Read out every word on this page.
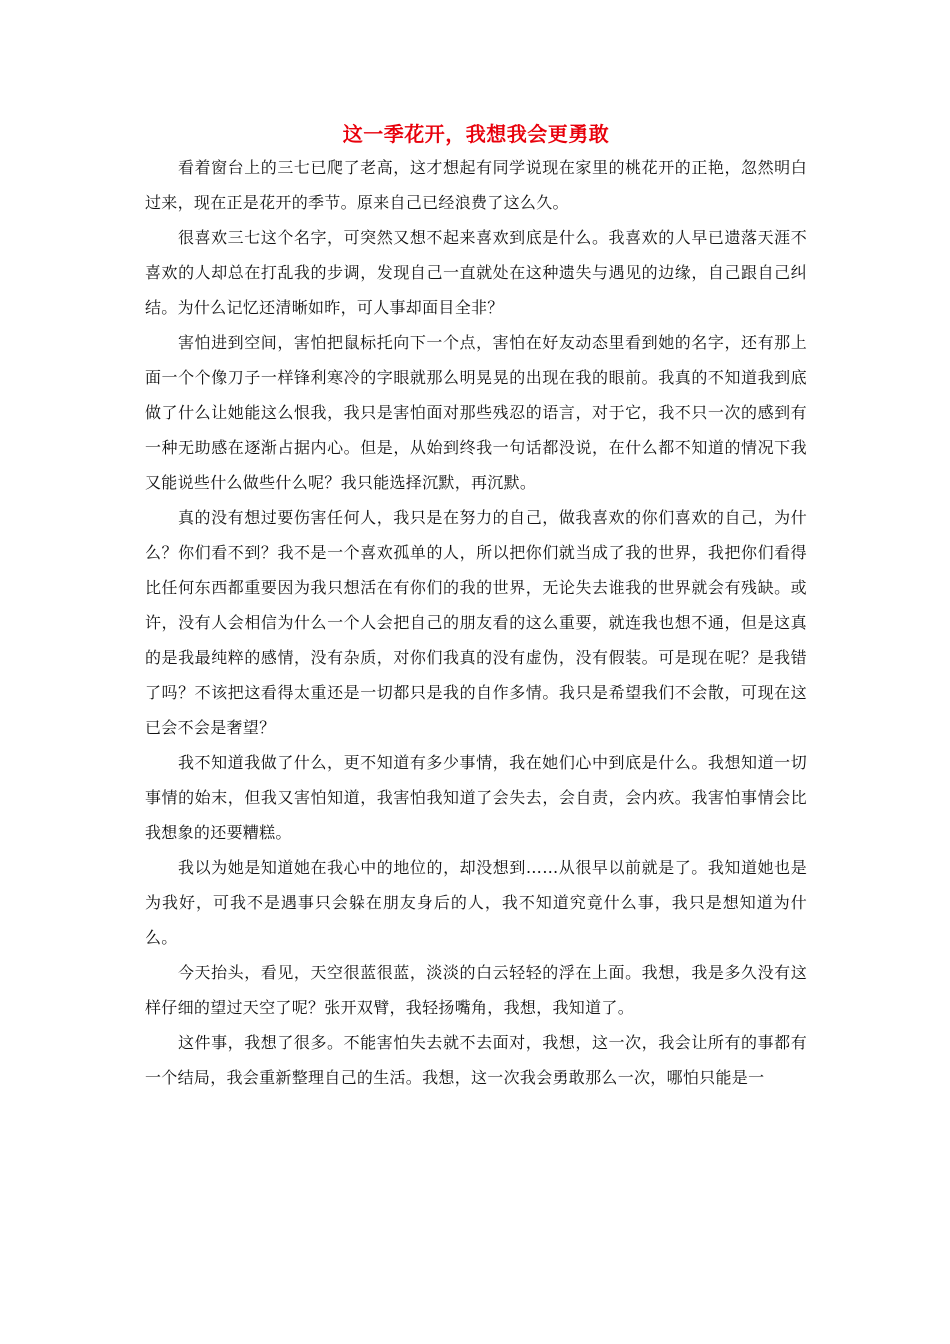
这一季花开，我想我会更勇敢

看着窗台上的三七已爬了老高，这才想起有同学说现在家里的桃花开的正艳，忽然明白过来，现在正是花开的季节。原来自己已经浪费了这么久。

很喜欢三七这个名字，可突然又想不起来喜欢到底是什么。我喜欢的人早已遗落天涯不喜欢的人却总在打乱我的步调，发现自己一直就处在这种遗失与遇见的边缘，自己跟自己纠结。为什么记忆还清晰如昨，可人事却面目全非？

害怕进到空间，害怕把鼠标托向下一个点，害怕在好友动态里看到她的名字，还有那上面一个个像刀子一样锋利寒冷的字眼就那么明晃晃的出现在我的眼前。我真的不知道我到底做了什么让她能这么恨我，我只是害怕面对那些残忍的语言，对于它，我不只一次的感到有一种无助感在逐渐占据内心。但是，从始到终我一句话都没说，在什么都不知道的情况下我又能说些什么做些什么呢？我只能选择沉默，再沉默。

真的没有想过要伤害任何人，我只是在努力的自己，做我喜欢的你们喜欢的自己，为什么？你们看不到？我不是一个喜欢孤单的人，所以把你们就当成了我的世界，我把你们看得比任何东西都重要因为我只想活在有你们的我的世界，无论失去谁我的世界就会有残缺。或许，没有人会相信为什么一个人会把自己的朋友看的这么重要，就连我也想不通，但是这真的是我最纯粹的感情，没有杂质，对你们我真的没有虚伪，没有假装。可是现在呢？是我错了吗？不该把这看得太重还是一切都只是我的自作多情。我只是希望我们不会散，可现在这已会不会是奢望？

我不知道我做了什么，更不知道有多少事情，我在她们心中到底是什么。我想知道一切事情的始末，但我又害怕知道，我害怕我知道了会失去，会自责，会内疚。我害怕事情会比我想象的还要糟糕。

我以为她是知道她在我心中的地位的，却没想到……从很早以前就是了。我知道她也是为我好，可我不是遇事只会躲在朋友身后的人，我不知道究竟什么事，我只是想知道为什么。

今天抬头，看见，天空很蓝很蓝，淡淡的白云轻轻的浮在上面。我想，我是多久没有这样仔细的望过天空了呢？张开双臂，我轻扬嘴角，我想，我知道了。

这件事，我想了很多。不能害怕失去就不去面对，我想，这一次，我会让所有的事都有一个结局，我会重新整理自己的生活。我想，这一次我会勇敢那么一次，哪怕只能是一
